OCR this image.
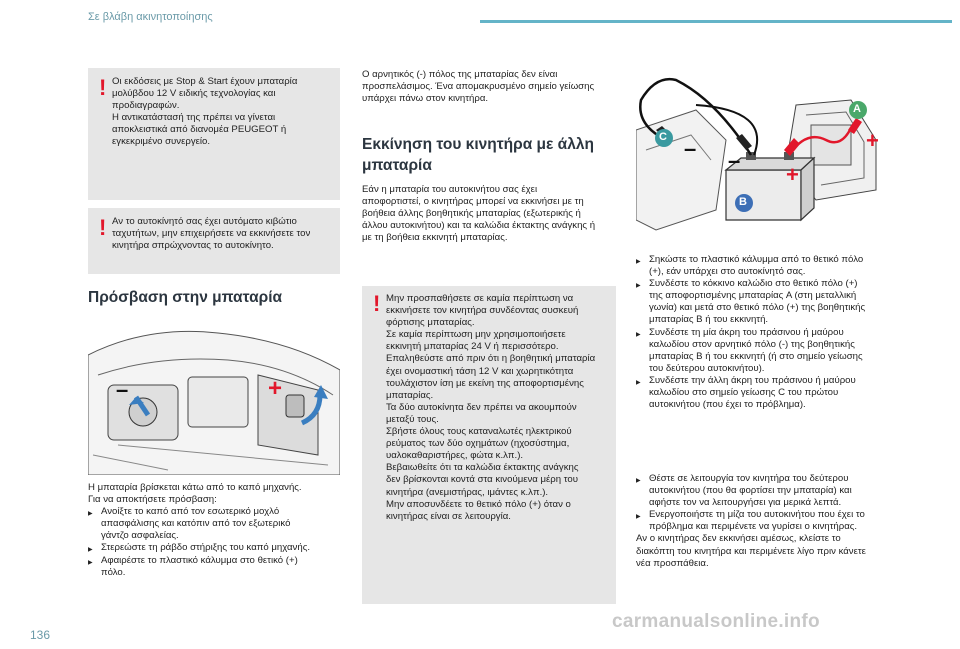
Σε βλάβη ακινητοποίησης
! Οι εκδόσεις με Stop & Start έχουν μπαταρία

μολύβδου 12 V ειδικής τεχνολογίας και

προδιαγραφών.

Η αντικατάστασή της πρέπει να γίνεται

αποκλειστικά από διανομέα PEUGEOT ή

εγκεκριμένο συνεργείο.

! Αν το αυτοκίνητό σας έχει αυτόματο κιβώτιο

ταχυτήτων, μην επιχειρήσετε να εκκινήσετε τον

κινητήρα σπρώχνοντας το αυτοκίνητο.

Πρόσβαση στην μπαταρία
–	+

Η μπαταρία βρίσκεται κάτω από το καπό μηχανής.

Για να αποκτήσετε πρόσβαση:

▶ Ανοίξτε το καπό από τον εσωτερικό μοχλό

απασφάλισης και κατόπιν από τον εξωτερικό

γάντζο ασφαλείας.

▶ Στερεώστε τη ράβδο στήριξης του καπό μηχανής.

▶ Αφαιρέστε το πλαστικό κάλυμμα στο θετικό (+)

πόλο.

Ο αρνητικός (-) πόλος της μπαταρίας δεν είναι

προσπελάσιμος. Ένα απομακρυσμένο σημείο γείωσης

υπάρχει πάνω στον κινητήρα.

Εκκίνηση του κινητήρα με άλλη

μπαταρία

Εάν η μπαταρία του αυτοκινήτου σας έχει

αποφορτιστεί, ο κινητήρας μπορεί να εκκινήσει με τη

βοήθεια άλλης βοηθητικής μπαταρίας (εξωτερικής ή

άλλου αυτοκινήτου) και τα καλώδια έκτακτης ανάγκης ή

με τη βοήθεια εκκινητή μπαταρίας.

! Μην προσπαθήσετε σε καμία περίπτωση να

εκκινήσετε τον κινητήρα συνδέοντας συσκευή

φόρτισης μπαταρίας.

Σε καμία περίπτωση μην χρησιμοποιήσετε

εκκινητή μπαταρίας 24 V ή περισσότερο.

Επαληθεύστε από πριν ότι η βοηθητική μπαταρία

έχει ονομαστική τάση 12 V και χωρητικότητα

τουλάχιστον ίση με εκείνη της αποφορτισμένης

μπαταρίας.

Τα δύο αυτοκίνητα δεν πρέπει να ακουμπούν

μεταξύ τους.

Σβήστε όλους τους καταναλωτές ηλεκτρικού

ρεύματος των δύο οχημάτων (ηχοσύστημα,

υαλοκαθαριστήρες, φώτα κ.λπ.).

Βεβαιωθείτε ότι τα καλώδια έκτακτης ανάγκης

δεν βρίσκονται κοντά στα κινούμενα μέρη του

κινητήρα (ανεμιστήρας, ιμάντες κ.λπ.).

Μην αποσυνδέετε το θετικό πόλο (+) όταν ο

κινητήρας είναι σε λειτουργία.

A
B
C – –
+
+

▶ Σηκώστε το πλαστικό κάλυμμα από το θετικό πόλο

(+), εάν υπάρχει στο αυτοκίνητό σας.

▶ Συνδέστε το κόκκινο καλώδιο στο θετικό πόλο (+)

της αποφορτισμένης μπαταρίας A (στη μεταλλική

γωνία) και μετά στο θετικό πόλο (+) της βοηθητικής

μπαταρίας B ή του εκκινητή.

▶ Συνδέστε τη μία άκρη του πράσινου ή μαύρου

καλωδίου στον αρνητικό πόλο (-) της βοηθητικής

μπαταρίας B ή του εκκινητή (ή στο σημείο γείωσης

του δεύτερου αυτοκινήτου).

▶ Συνδέστε την άλλη άκρη του πράσινου ή μαύρου

καλωδίου στο σημείο γείωσης C του πρώτου

αυτοκινήτου (που έχει το πρόβλημα).

▶ Θέστε σε λειτουργία τον κινητήρα του δεύτερου

αυτοκινήτου (που θα φορτίσει την μπαταρία) και

αφήστε τον να λειτουργήσει για μερικά λεπτά.

▶ Ενεργοποιήστε τη μίζα του αυτοκινήτου που έχει το

πρόβλημα και περιμένετε να γυρίσει ο κινητήρας.

Αν ο κινητήρας δεν εκκινήσει αμέσως, κλείστε το

διακόπτη του κινητήρα και περιμένετε λίγο πριν κάνετε

νέα προσπάθεια.

136
carmanualsonline.info
